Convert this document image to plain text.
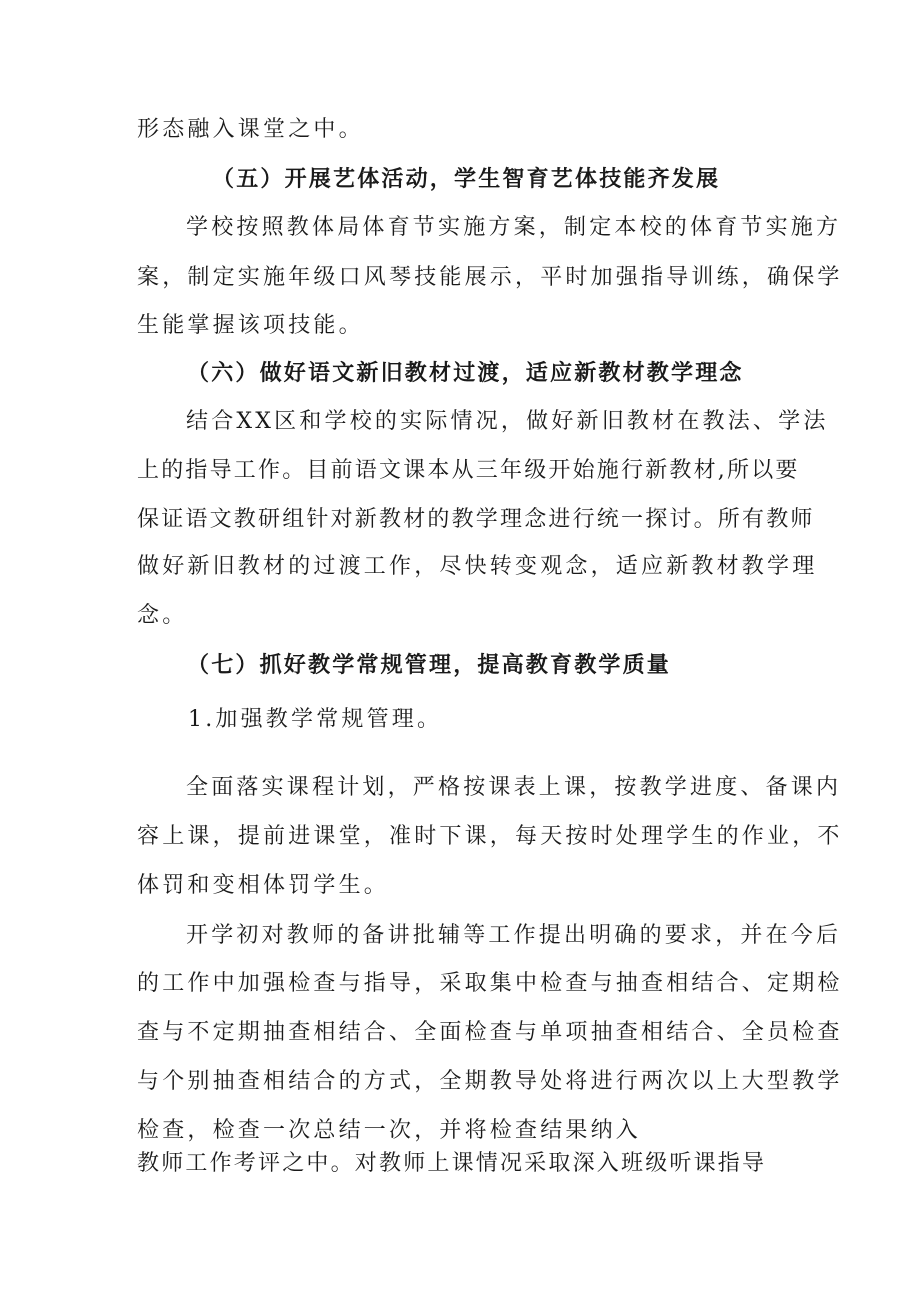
形态融入课堂之中。
（五）开展艺体活动，学生智育艺体技能齐发展
学校按照教体局体育节实施方案，制定本校的体育节实施方
案，制定实施年级口风琴技能展示，平时加强指导训练，确保学
生能掌握该项技能。
（六）做好语文新旧教材过渡，适应新教材教学理念
结合XX区和学校的实际情况，做好新旧教材在教法、学法
上的指导工作。目前语文课本从三年级开始施行新教材,所以要
保证语文教研组针对新教材的教学理念进行统一探讨。所有教师
做好新旧教材的过渡工作，尽快转变观念，适应新教材教学理
念。
（七）抓好教学常规管理，提高教育教学质量
1.加强教学常规管理。
全面落实课程计划，严格按课表上课，按教学进度、备课内
容上课，提前进课堂，准时下课，每天按时处理学生的作业，不
体罚和变相体罚学生。
开学初对教师的备讲批辅等工作提出明确的要求，并在今后
的工作中加强检查与指导，采取集中检查与抽查相结合、定期检
查与不定期抽查相结合、全面检查与单项抽查相结合、全员检查
与个别抽查相结合的方式，全期教导处将进行两次以上大型教学
检查，检查一次总结一次，并将检查结果纳入
教师工作考评之中。对教师上课情况采取深入班级听课指导
